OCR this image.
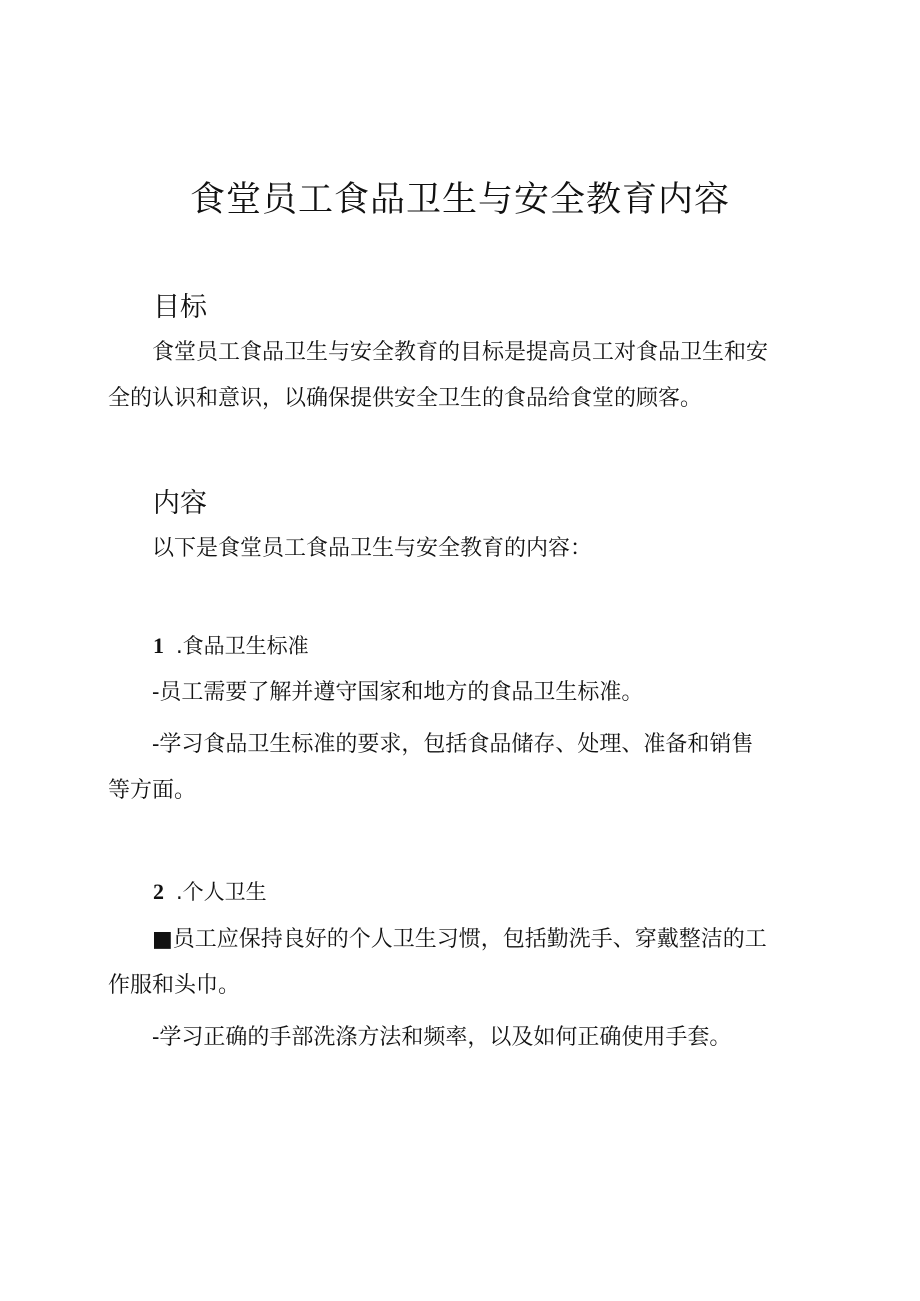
食堂员工食品卫生与安全教育内容
目标
食堂员工食品卫生与安全教育的目标是提高员工对食品卫生和安
全的认识和意识，以确保提供安全卫生的食品给食堂的顾客。
内容
以下是食堂员工食品卫生与安全教育的内容：
1 .食品卫生标准
-员工需要了解并遵守国家和地方的食品卫生标准。
-学习食品卫生标准的要求，包括食品储存、处理、准备和销售
等方面。
2 .个人卫生
■员工应保持良好的个人卫生习惯，包括勤洗手、穿戴整洁的工
作服和头巾。
-学习正确的手部洗涤方法和频率，以及如何正确使用手套。
